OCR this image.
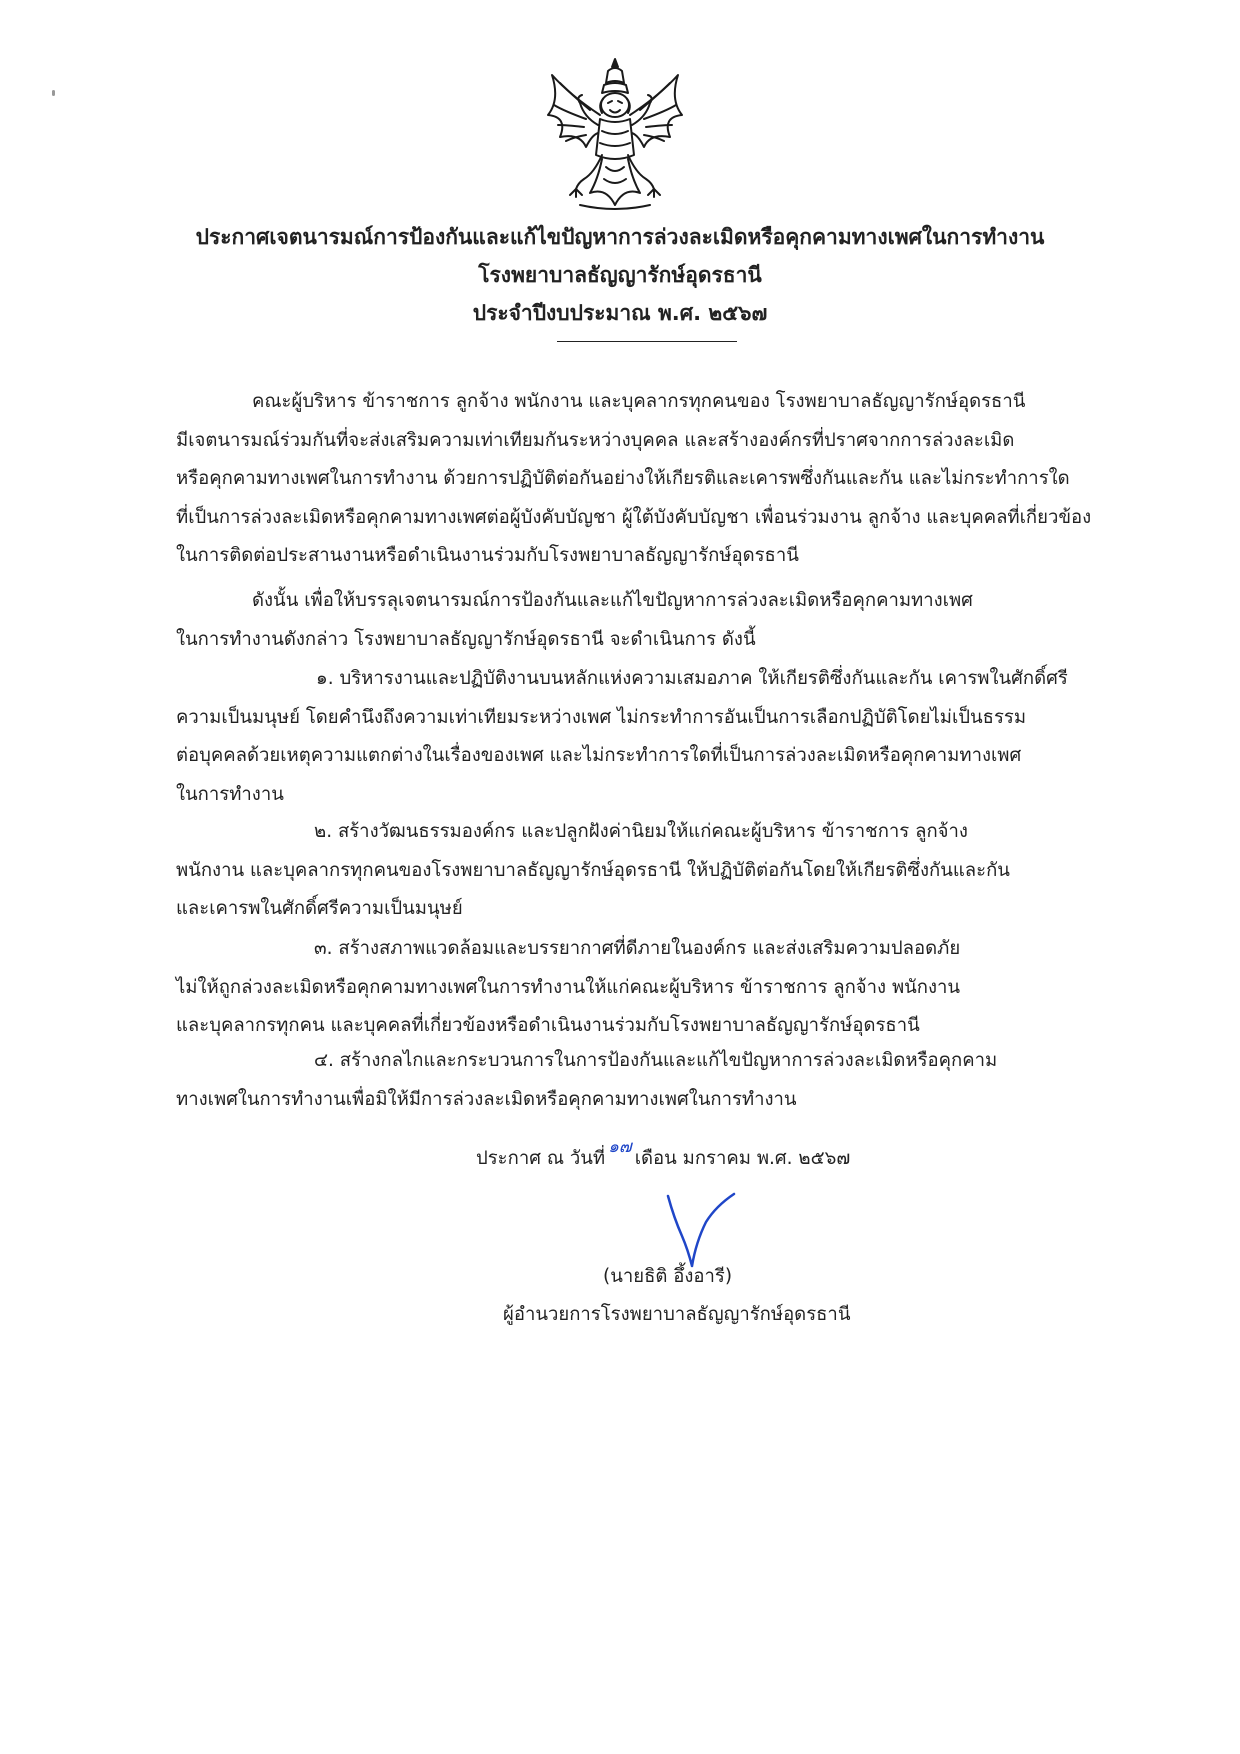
ประกาศเจตนารมณ์การป้องกันและแก้ไขปัญหาการล่วงละเมิดหรือคุกคามทางเพศในการทำงาน
โรงพยาบาลธัญญารักษ์อุดรธานี
ประจำปีงบประมาณ พ.ศ. ๒๕๖๗

คณะผู้บริหาร ข้าราชการ ลูกจ้าง พนักงาน และบุคลากรทุกคนของ โรงพยาบาลธัญญารักษ์อุดรธานี

มีเจตนารมณ์ร่วมกันที่จะส่งเสริมความเท่าเทียมกันระหว่างบุคคล และสร้างองค์กรที่ปราศจากการล่วงละเมิด

หรือคุกคามทางเพศในการทำงาน ด้วยการปฏิบัติต่อกันอย่างให้เกียรติและเคารพซึ่งกันและกัน และไม่กระทำการใด

ที่เป็นการล่วงละเมิดหรือคุกคามทางเพศต่อผู้บังคับบัญชา ผู้ใต้บังคับบัญชา เพื่อนร่วมงาน ลูกจ้าง และบุคคลที่เกี่ยวข้อง

ในการติดต่อประสานงานหรือดำเนินงานร่วมกับโรงพยาบาลธัญญารักษ์อุดรธานี

ดังนั้น เพื่อให้บรรลุเจตนารมณ์การป้องกันและแก้ไขปัญหาการล่วงละเมิดหรือคุกคามทางเพศ

ในการทำงานดังกล่าว โรงพยาบาลธัญญารักษ์อุดรธานี จะดำเนินการ ดังนี้

๑. บริหารงานและปฏิบัติงานบนหลักแห่งความเสมอภาค ให้เกียรติซึ่งกันและกัน เคารพในศักดิ์ศรี

ความเป็นมนุษย์ โดยคำนึงถึงความเท่าเทียมระหว่างเพศ ไม่กระทำการอันเป็นการเลือกปฏิบัติโดยไม่เป็นธรรม

ต่อบุคคลด้วยเหตุความแตกต่างในเรื่องของเพศ และไม่กระทำการใดที่เป็นการล่วงละเมิดหรือคุกคามทางเพศ

ในการทำงาน

๒. สร้างวัฒนธรรมองค์กร และปลูกฝังค่านิยมให้แก่คณะผู้บริหาร ข้าราชการ ลูกจ้าง

พนักงาน และบุคลากรทุกคนของโรงพยาบาลธัญญารักษ์อุดรธานี ให้ปฏิบัติต่อกันโดยให้เกียรติซึ่งกันและกัน

และเคารพในศักดิ์ศรีความเป็นมนุษย์

๓. สร้างสภาพแวดล้อมและบรรยากาศที่ดีภายในองค์กร และส่งเสริมความปลอดภัย

ไม่ให้ถูกล่วงละเมิดหรือคุกคามทางเพศในการทำงานให้แก่คณะผู้บริหาร ข้าราชการ ลูกจ้าง พนักงาน

และบุคลากรทุกคน และบุคคลที่เกี่ยวข้องหรือดำเนินงานร่วมกับโรงพยาบาลธัญญารักษ์อุดรธานี

๔. สร้างกลไกและกระบวนการในการป้องกันและแก้ไขปัญหาการล่วงละเมิดหรือคุกคาม

ทางเพศในการทำงานเพื่อมิให้มีการล่วงละเมิดหรือคุกคามทางเพศในการทำงาน

ประกาศ ณ วันที่๑๗เดือน มกราคม พ.ศ. ๒๕๖๗
(นายธิติ อึ้งอารี)
ผู้อำนวยการโรงพยาบาลธัญญารักษ์อุดรธานี
